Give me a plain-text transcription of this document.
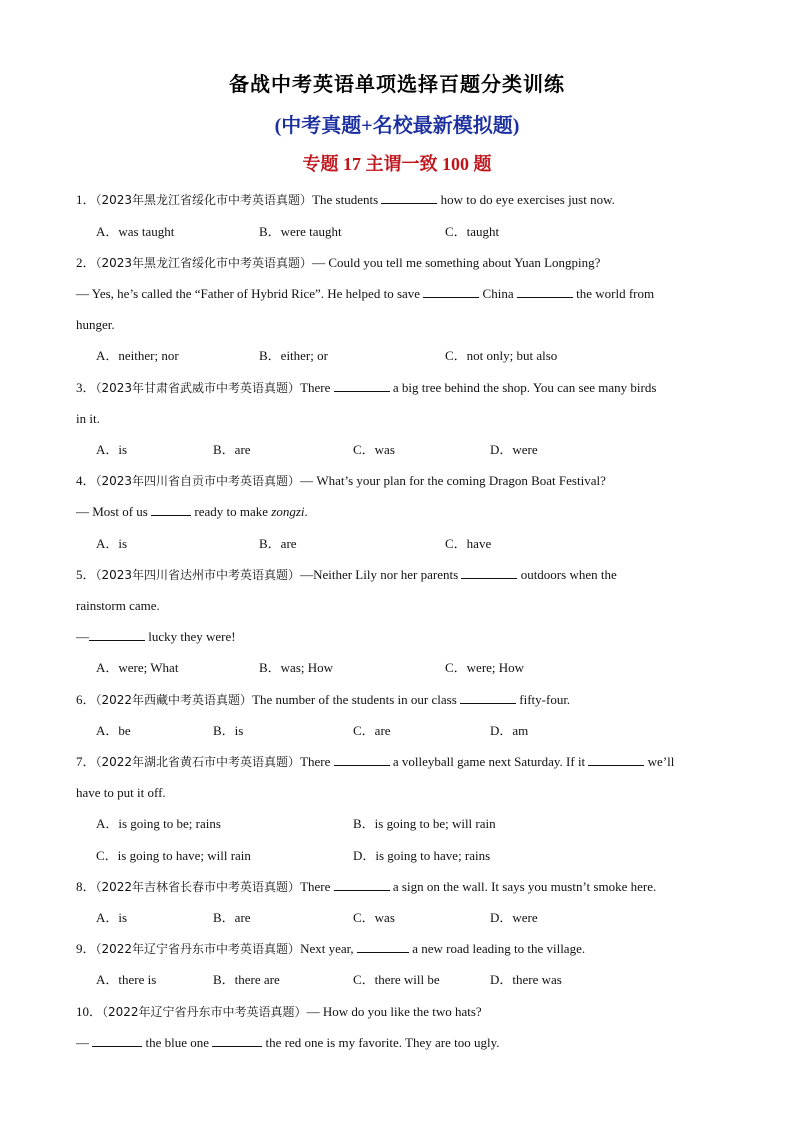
备战中考英语单项选择百题分类训练
(中考真题+名校最新模拟题)
专题 17 主谓一致 100 题
1．（2023年黑龙江省绥化市中考英语真题）The students	how to do eye exercises just now.
A．was taught	B．were taught	C．taught
2．（2023年黑龙江省绥化市中考英语真题）— Could you tell me something about Yuan Longping?
— Yes, he’s called the “Father of Hybrid Rice”. He helped to save	China	the world from
hunger.
A．neither; nor	B．either; or	C．not only; but also
3．（2023年甘肃省武威市中考英语真题）There	a big tree behind the shop. You can see many birds
in it.
A．is	B．are	C．was	D．were
4．（2023年四川省自贡市中考英语真题）— What’s your plan for the coming Dragon Boat Festival?
— Most of us	ready to make zongzi.
A．is	B．are	C．have
5．（2023年四川省达州市中考英语真题）—Neither Lily nor her parents	outdoors when the
rainstorm came.
—	lucky they were!
A．were; What	B．was; How	C．were; How
6．（2022年西藏中考英语真题）The number of the students in our class	fifty-four.
A．be	B．is	C．are	D．am
7．（2022年湖北省黄石市中考英语真题）There	a volleyball game next Saturday. If it	we’ll
have to put it off.
A．is going to be; rains	B．is going to be; will rain
C．is going to have; will rain	D．is going to have; rains
8．（2022年吉林省长春市中考英语真题）There	a sign on the wall. It says you mustn’t smoke here.
A．is	B．are	C．was	D．were
9．（2022年辽宁省丹东市中考英语真题）Next year,	a new road leading to the village.
A．there is	B．there are	C．there will be	D．there was
10．（2022年辽宁省丹东市中考英语真题）— How do you like the two hats?
—	the blue one	the red one is my favorite. They are too ugly.
